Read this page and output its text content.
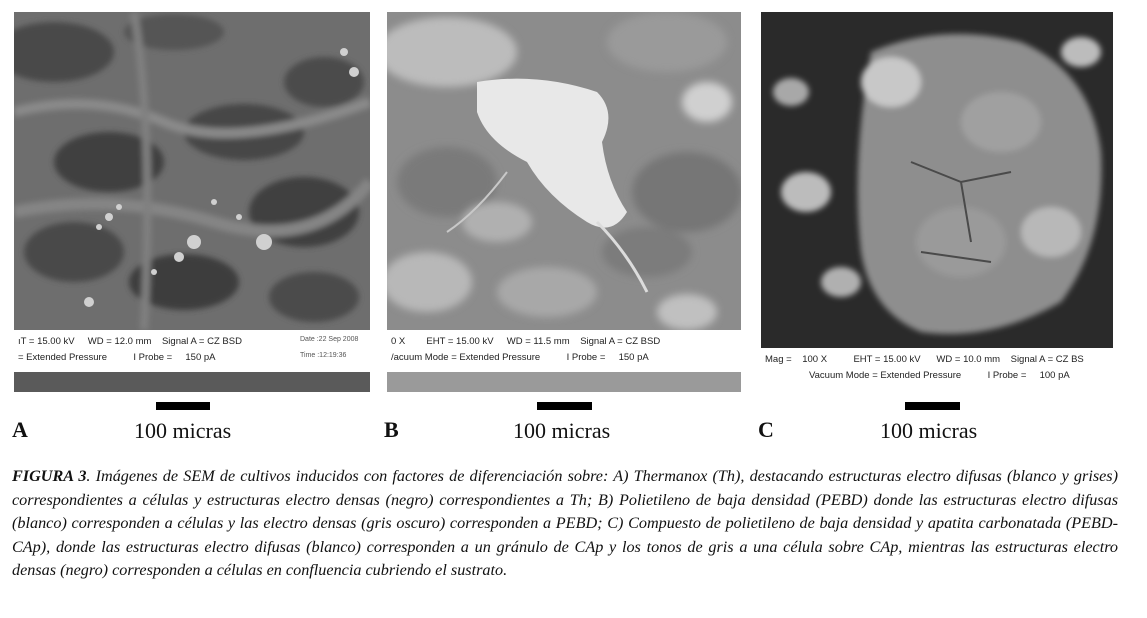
ıT = 15.00 kV     WD = 12.0 mm    Signal A = CZ BSD

= Extended Pressure          I Probe =     150 pA

Date :22 Sep 2008

Time :12:19:36

0 X        EHT = 15.00 kV     WD = 11.5 mm    Signal A = CZ BSD

/acuum Mode = Extended Pressure          I Probe =     150 pA

	Mag =    100 X          EHT = 15.00 kV      WD = 10.0 mm    Signal A = CZ BS

Vacuum Mode = Extended Pressure          I Probe =     100 pA

A	B	C
100 micras	100 micras	100 micras
FIGURA 3. Imágenes de SEM de cultivos inducidos con factores de diferenciación sobre: A) Thermanox (Th), destacando estructuras electro difusas (blanco y grises) correspondientes a células y estructuras electro densas (negro) correspondientes a Th; B) Polietileno de baja densidad (PEBD) donde las estructuras electro difusas (blanco) corresponden a células y las electro densas (gris oscuro) corresponden a PEBD; C) Compuesto de polietileno de baja densidad y apatita carbonatada (PEBD-CAp), donde las estructuras electro difusas (blanco) corresponden a un gránulo de CAp y los tonos de gris a una célula sobre CAp, mientras las estructuras electro densas (negro) corresponden a células en confluencia cubriendo el sustrato.
